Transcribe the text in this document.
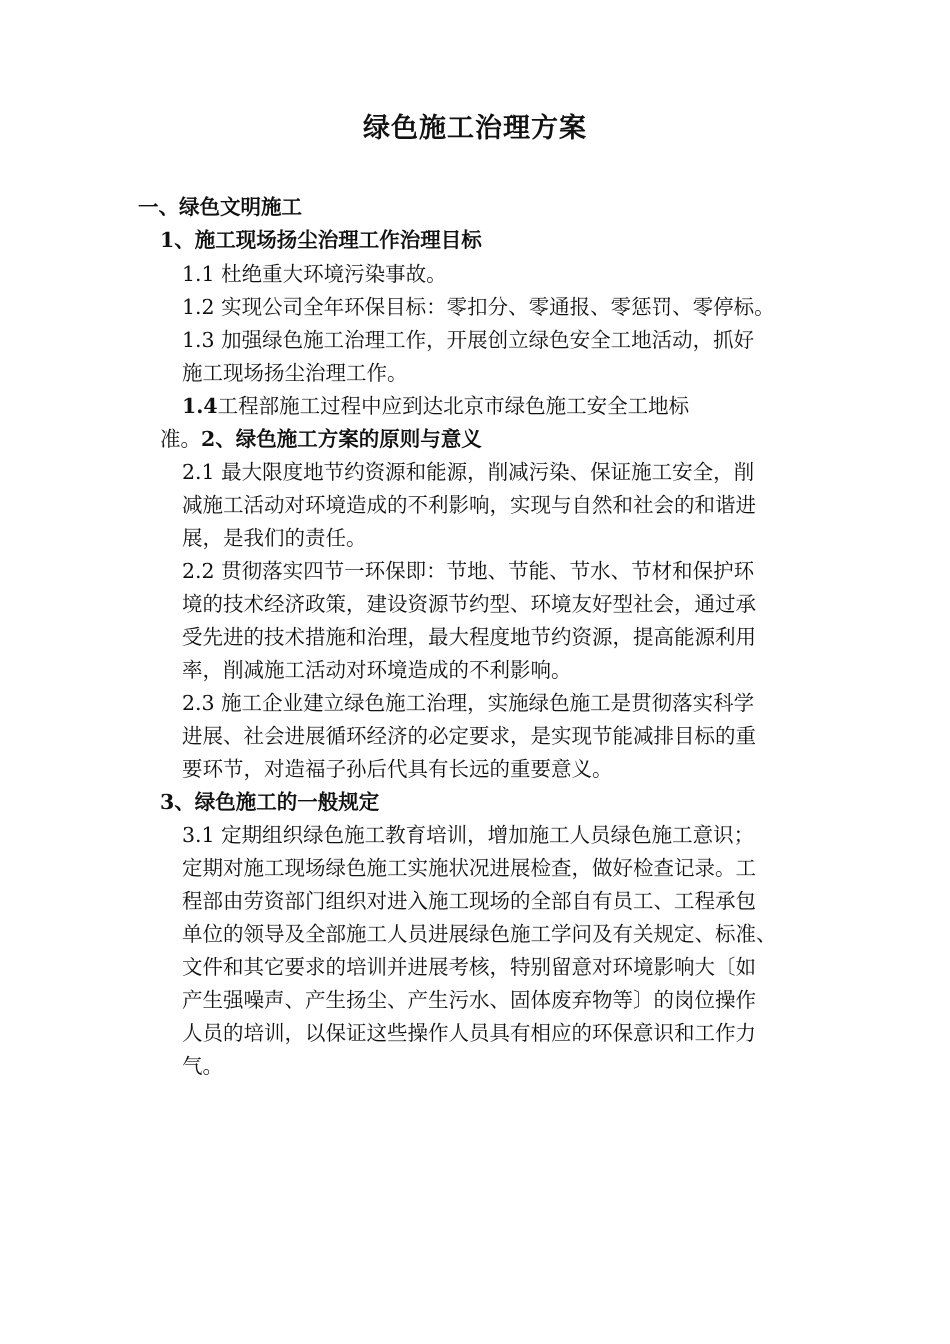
绿色施工治理方案
一、绿色文明施工
1、施工现场扬尘治理工作治理目标
1.1 杜绝重大环境污染事故。
1.2 实现公司全年环保目标：零扣分、零通报、零惩罚、零停标。
1.3 加强绿色施工治理工作，开展创立绿色安全工地活动，抓好
施工现场扬尘治理工作。
1.4工程部施工过程中应到达北京市绿色施工安全工地标
准。2、绿色施工方案的原则与意义
2.1 最大限度地节约资源和能源，削减污染、保证施工安全，削
减施工活动对环境造成的不利影响，实现与自然和社会的和谐进
展，是我们的责任。
2.2 贯彻落实四节一环保即：节地、节能、节水、节材和保护环
境的技术经济政策，建设资源节约型、环境友好型社会，通过承
受先进的技术措施和治理，最大程度地节约资源，提高能源利用
率，削减施工活动对环境造成的不利影响。
2.3 施工企业建立绿色施工治理，实施绿色施工是贯彻落实科学
进展、社会进展循环经济的必定要求，是实现节能减排目标的重
要环节，对造福子孙后代具有长远的重要意义。
3、绿色施工的一般规定
3.1 定期组织绿色施工教育培训，增加施工人员绿色施工意识；
定期对施工现场绿色施工实施状况进展检查，做好检查记录。工
程部由劳资部门组织对进入施工现场的全部自有员工、工程承包
单位的领导及全部施工人员进展绿色施工学问及有关规定、标准、
文件和其它要求的培训并进展考核，特别留意对环境影响大〔如
产生强噪声、产生扬尘、产生污水、固体废弃物等〕的岗位操作
人员的培训，以保证这些操作人员具有相应的环保意识和工作力
气。
